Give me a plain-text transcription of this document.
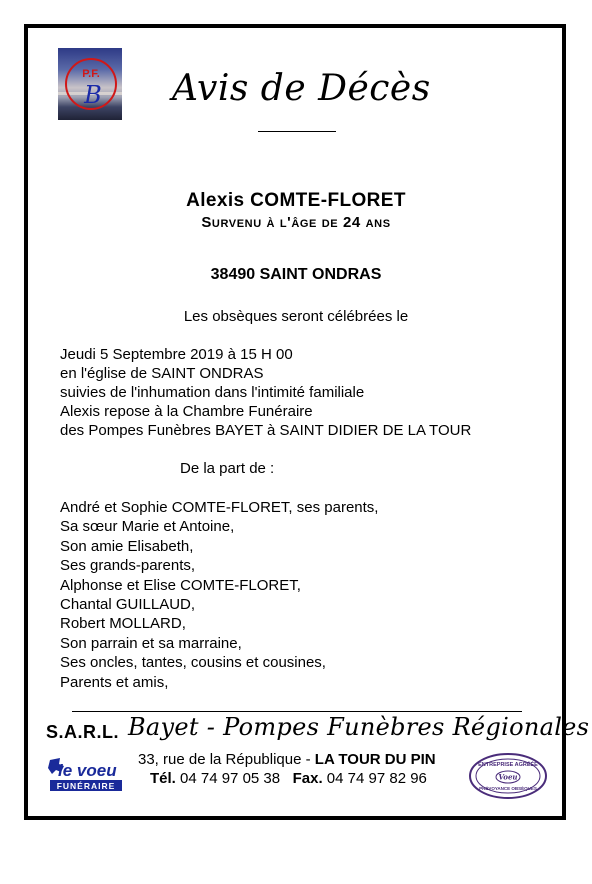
P.F.
B Avis de Décès
Alexis COMTE-FLORET
Survenu à l'âge de 24 ans
38490 SAINT ONDRAS
Les obsèques seront célébrées le
Jeudi 5 Septembre 2019 à 15 H 00
en l'église de SAINT ONDRAS
suivies de l'inhumation dans l'intimité familiale
Alexis repose à la Chambre Funéraire
des Pompes Funèbres BAYET à SAINT DIDIER DE LA TOUR
De la part de :
André et Sophie COMTE-FLORET, ses parents,
Sa sœur Marie et Antoine,
Son amie Elisabeth,
Ses grands-parents,
Alphonse et Elise COMTE-FLORET,
Chantal GUILLAUD,
Robert MOLLARD,
Son parrain et sa marraine,
Ses oncles, tantes, cousins et cousines,
Parents et amis,
S.A.R.L. Bayet - Pompes Funèbres Régionales
33, rue de la République - LA TOUR DU PIN
Tél. 04 74 97 05 38 Fax. 04 74 97 82 96
le voeu
FUNÉRAIRE
ENTREPRISE AGRÉÉE
Voeu
PRÉVOYANCE OBSÈQUES
